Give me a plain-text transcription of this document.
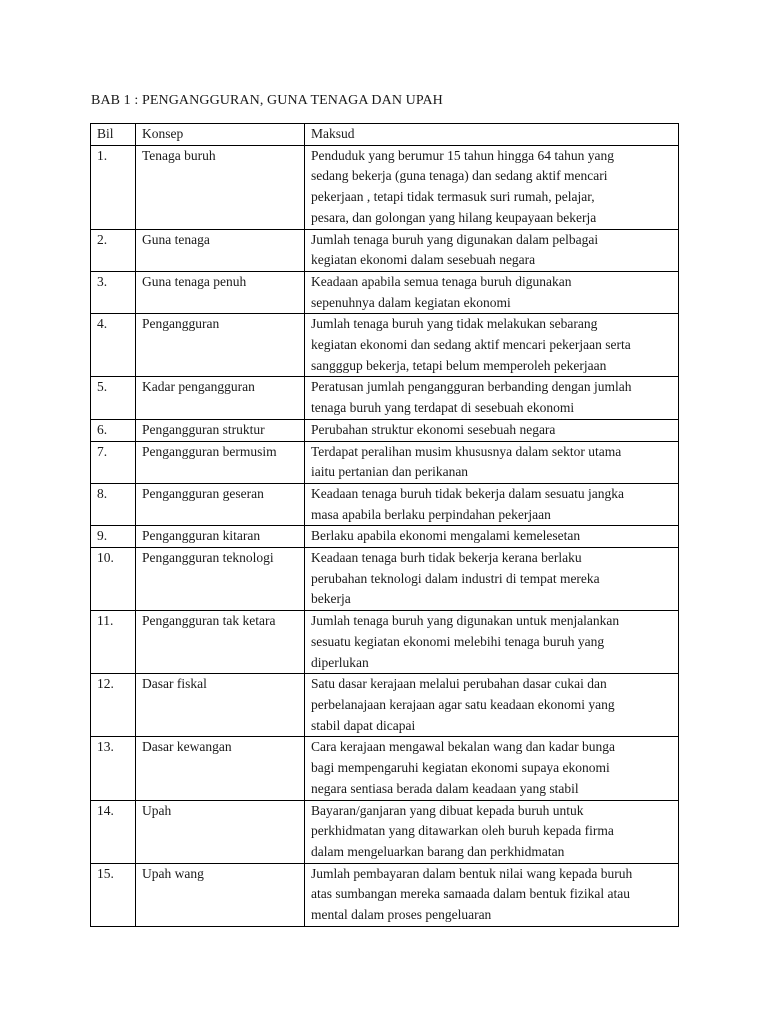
BAB 1 : PENGANGGURAN, GUNA TENAGA DAN UPAH
Bil	Konsep	Maksud
1.	Tenaga buruh	Penduduk yang berumur 15 tahun hingga 64 tahun yang
sedang bekerja (guna tenaga) dan sedang aktif mencari
pekerjaan , tetapi tidak termasuk suri rumah, pelajar,
pesara, dan golongan yang hilang keupayaan bekerja
2.	Guna tenaga	Jumlah tenaga buruh yang digunakan dalam pelbagai
kegiatan ekonomi dalam sesebuah negara
3.	Guna tenaga penuh	Keadaan apabila semua tenaga buruh digunakan
sepenuhnya dalam kegiatan ekonomi
4.	Pengangguran	Jumlah tenaga buruh yang tidak melakukan sebarang
kegiatan ekonomi dan sedang aktif mencari pekerjaan serta
sangggup bekerja, tetapi belum memperoleh pekerjaan
5.	Kadar pengangguran	Peratusan jumlah pengangguran berbanding dengan jumlah
tenaga buruh yang terdapat di sesebuah ekonomi
6.	Pengangguran struktur	Perubahan struktur ekonomi sesebuah negara
7.	Pengangguran bermusim	Terdapat peralihan musim khususnya dalam sektor utama
iaitu pertanian dan perikanan
8.	Pengangguran geseran	Keadaan tenaga buruh tidak bekerja dalam sesuatu jangka
masa apabila berlaku perpindahan pekerjaan
9.	Pengangguran kitaran	Berlaku apabila ekonomi mengalami kemelesetan
10.	Pengangguran teknologi	Keadaan tenaga burh tidak bekerja kerana berlaku
perubahan teknologi dalam industri di tempat mereka
bekerja
11.	Pengangguran tak ketara	Jumlah tenaga buruh yang digunakan untuk menjalankan
sesuatu kegiatan ekonomi melebihi tenaga buruh yang
diperlukan
12.	Dasar fiskal	Satu dasar kerajaan melalui perubahan dasar cukai dan
perbelanajaan kerajaan agar satu keadaan ekonomi yang
stabil dapat dicapai
13.	Dasar kewangan	Cara kerajaan mengawal bekalan wang dan kadar bunga
bagi mempengaruhi kegiatan ekonomi supaya ekonomi
negara sentiasa berada dalam keadaan yang stabil
14.	Upah	Bayaran/ganjaran yang dibuat kepada buruh untuk
perkhidmatan yang ditawarkan oleh buruh kepada firma
dalam mengeluarkan barang dan perkhidmatan
15.	Upah wang	Jumlah pembayaran dalam bentuk nilai wang kepada buruh
atas sumbangan mereka samaada dalam bentuk fizikal atau
mental dalam proses pengeluaran
